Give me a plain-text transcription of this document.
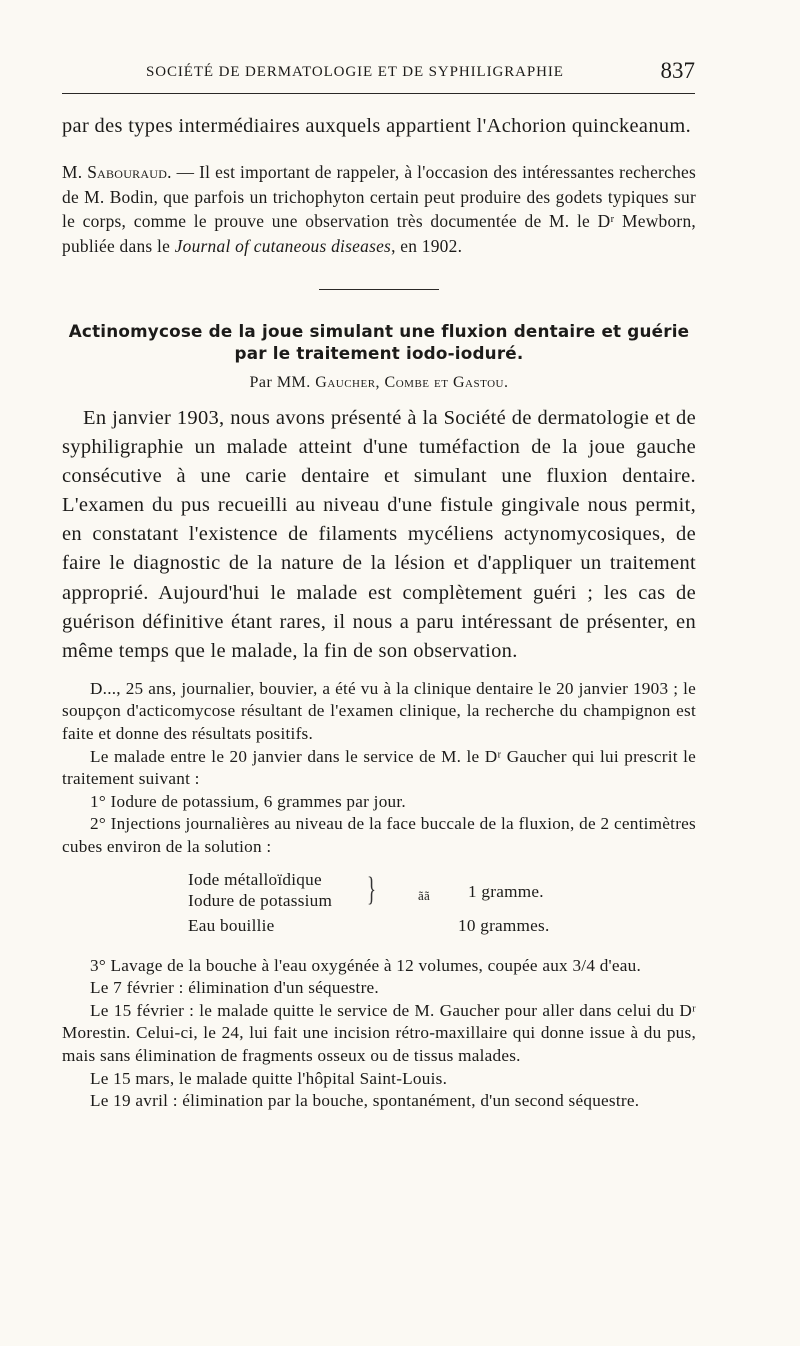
SOCIÉTÉ DE DERMATOLOGIE ET DE SYPHILIGRAPHIE	837

par des types intermédiaires auxquels appartient l'Achorion quinckeanum.

M. Sabouraud. — Il est important de rappeler, à l'occasion des intéressantes recherches de M. Bodin, que parfois un trichophyton certain peut produire des godets typiques sur le corps, comme le prouve une observation très documentée de M. le Dʳ Mewborn, publiée dans le Journal of cutaneous diseases, en 1902.

Actinomycose de la joue simulant une fluxion dentaire et guérie par le traitement iodo-ioduré.
Par MM. Gaucher, Combe et Gastou.

En janvier 1903, nous avons présenté à la Société de dermatologie et de syphiligraphie un malade atteint d'une tuméfaction de la joue gauche consécutive à une carie dentaire et simulant une fluxion dentaire. L'examen du pus recueilli au niveau d'une fistule gingivale nous permit, en constatant l'existence de filaments mycéliens actynomycosiques, de faire le diagnostic de la nature de la lésion et d'appliquer un traitement approprié. Aujourd'hui le malade est complètement guéri ; les cas de guérison définitive étant rares, il nous a paru intéressant de présenter, en même temps que le malade, la fin de son observation.

D..., 25 ans, journalier, bouvier, a été vu à la clinique dentaire le 20 janvier 1903 ; le soupçon d'acticomycose résultant de l'examen clinique, la recherche du champignon est faite et donne des résultats positifs.

Le malade entre le 20 janvier dans le service de M. le Dʳ Gaucher qui lui prescrit le traitement suivant :

1° Iodure de potassium, 6 grammes par jour.

2° Injections journalières au niveau de la face buccale de la fluxion, de 2 centimètres cubes environ de la solution :

Iode métalloïdique
Iodure de potassium
Eau bouillie
}	ãã 1 gramme.
10 grammes.

3° Lavage de la bouche à l'eau oxygénée à 12 volumes, coupée aux 3/4 d'eau.

Le 7 février : élimination d'un séquestre.

Le 15 février : le malade quitte le service de M. Gaucher pour aller dans celui du Dʳ Morestin. Celui-ci, le 24, lui fait une incision rétro-maxillaire qui donne issue à du pus, mais sans élimination de fragments osseux ou de tissus malades.

Le 15 mars, le malade quitte l'hôpital Saint-Louis.

Le 19 avril : élimination par la bouche, spontanément, d'un second séquestre.
